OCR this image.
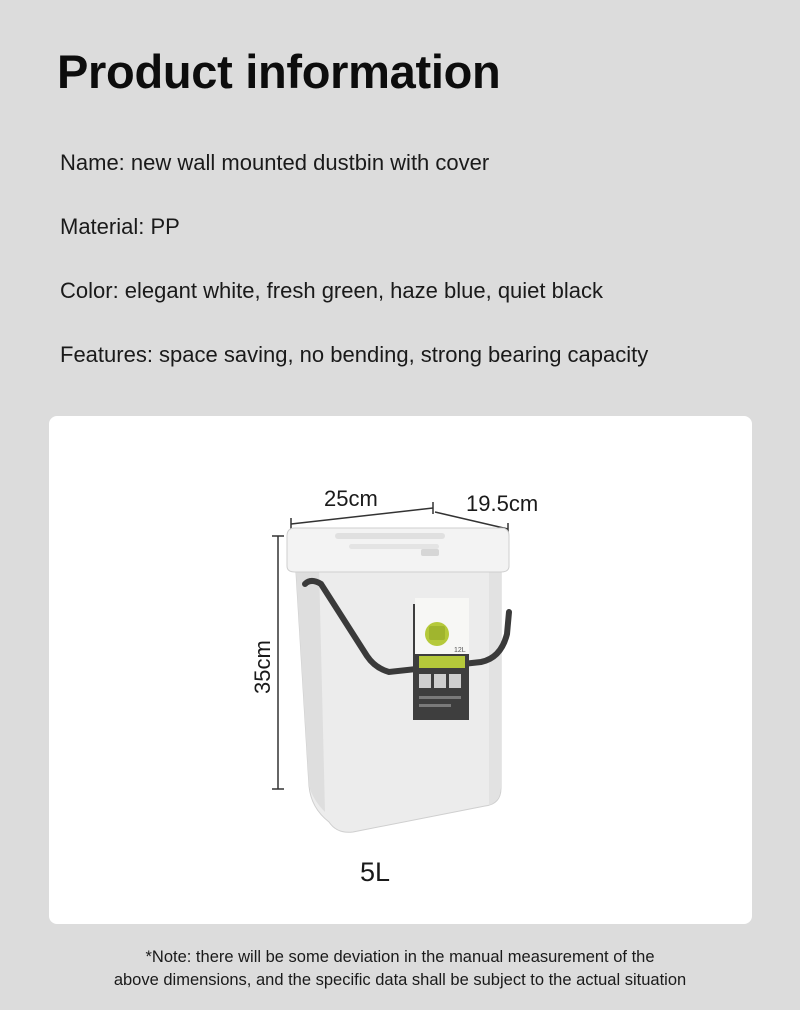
Product information

Name: new wall mounted dustbin with cover

Material: PP

Color: elegant white, fresh green, haze blue, quiet black

Features: space saving, no bending, strong bearing capacity

25cm	19.5cm
35cm	12L
5L
*Note: there will be some deviation in the manual measurement of the
above dimensions, and the specific data shall be subject to the actual situation
